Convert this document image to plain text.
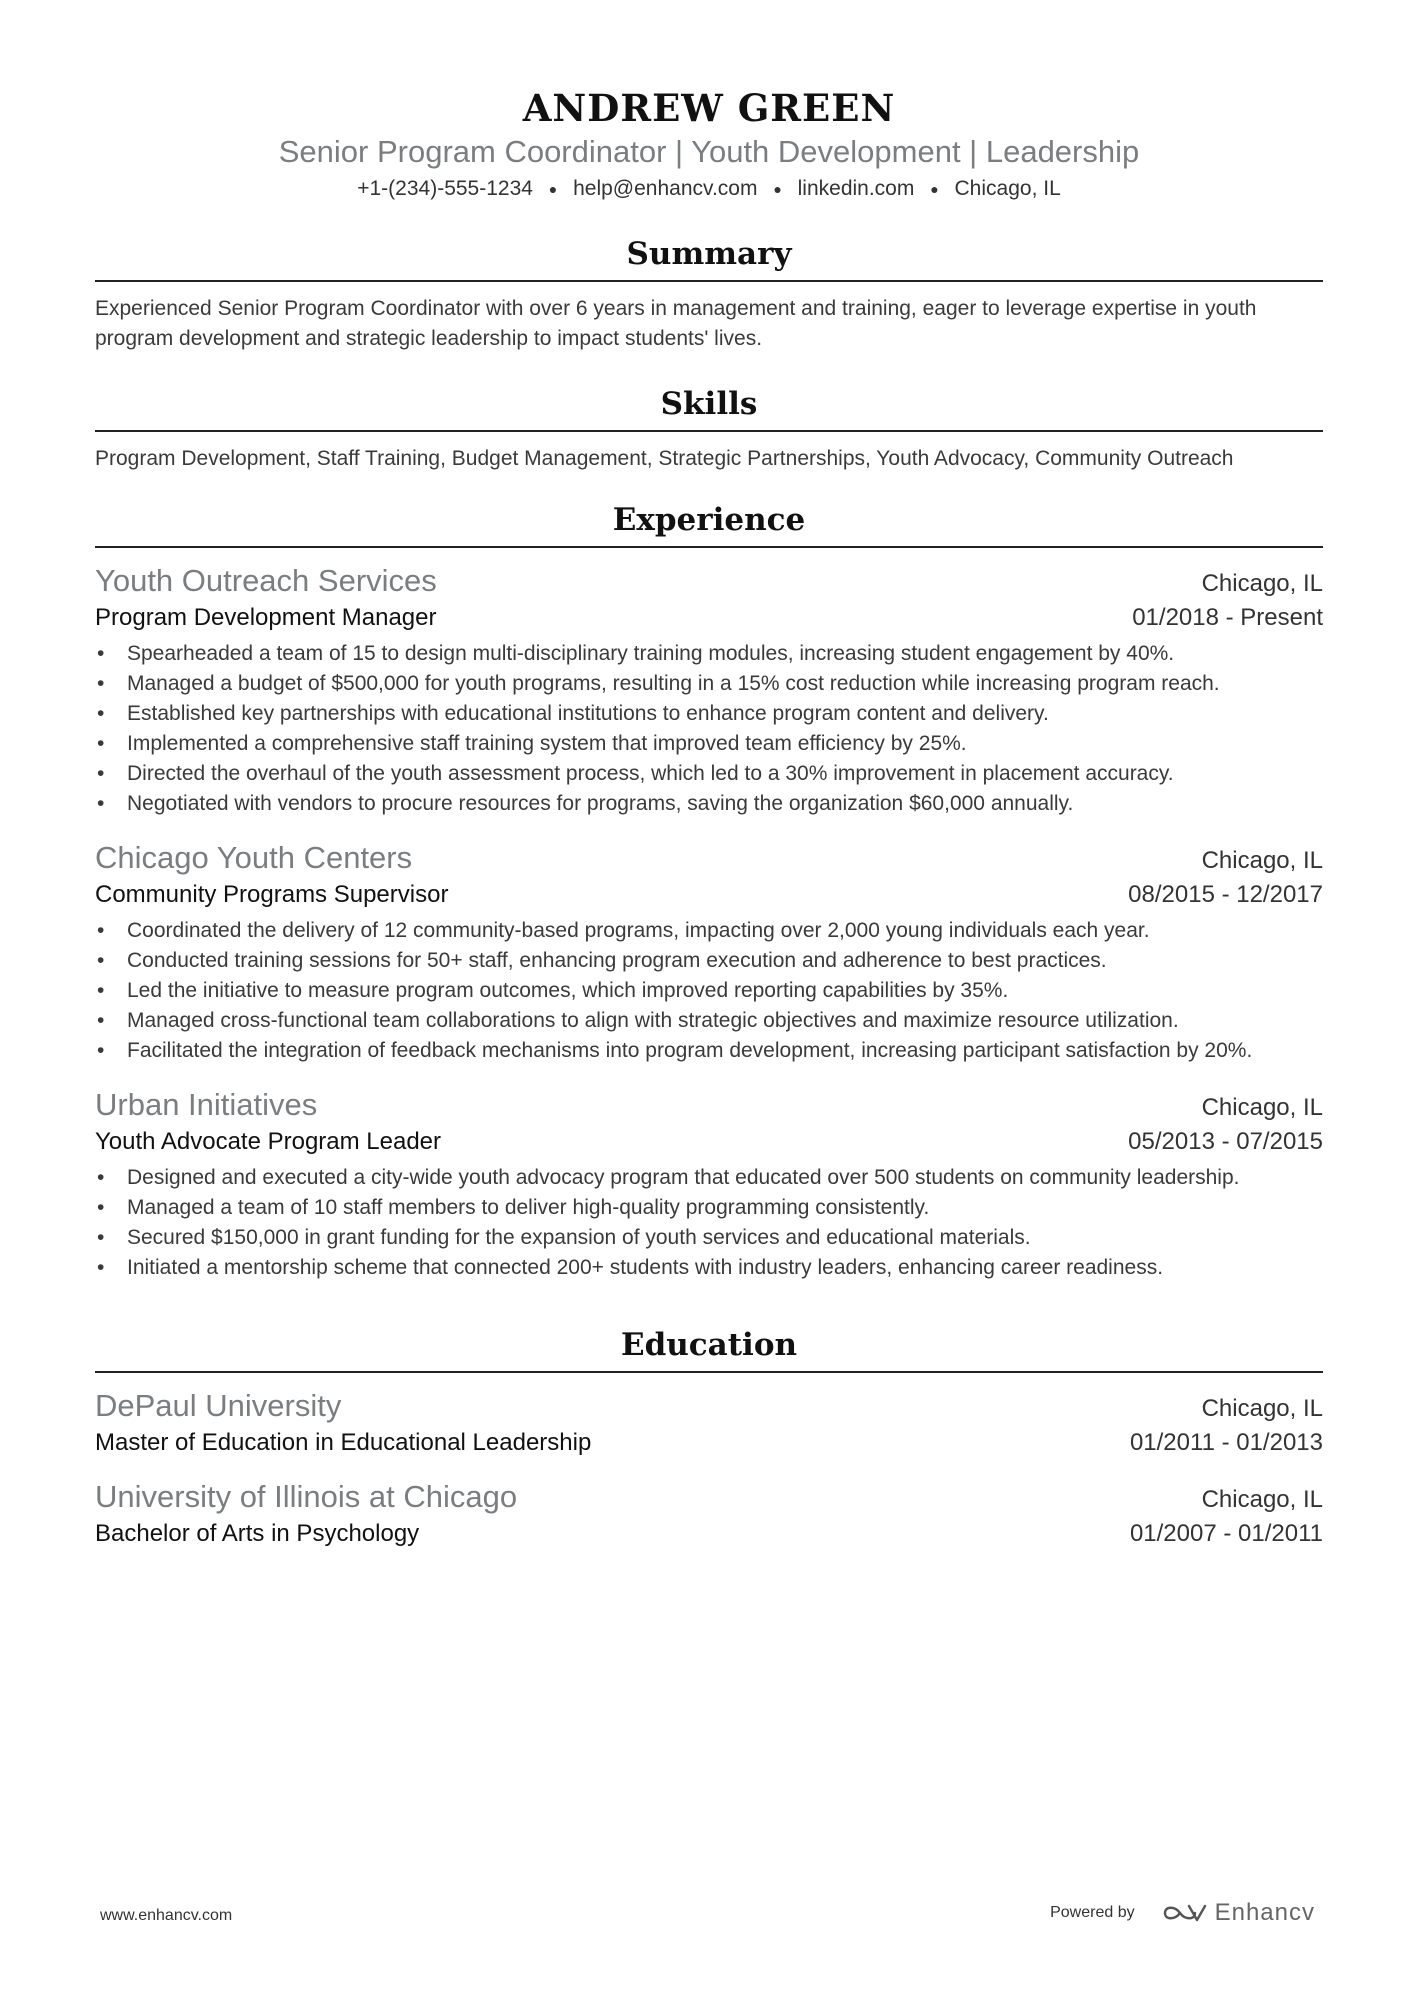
ANDREW GREEN
Senior Program Coordinator | Youth Development | Leadership
+1-(234)-555-1234 ● help@enhancv.com ● linkedin.com ● Chicago, IL
Summary
Experienced Senior Program Coordinator with over 6 years in management and training, eager to leverage expertise in youth program development and strategic leadership to impact students' lives.
Skills
Program Development, Staff Training, Budget Management, Strategic Partnerships, Youth Advocacy, Community Outreach
Experience
Youth Outreach Services	Chicago, IL
Program Development Manager	01/2018 - Present
• Spearheaded a team of 15 to design multi-disciplinary training modules, increasing student engagement by 40%.
• Managed a budget of $500,000 for youth programs, resulting in a 15% cost reduction while increasing program reach.
• Established key partnerships with educational institutions to enhance program content and delivery.
• Implemented a comprehensive staff training system that improved team efficiency by 25%.
• Directed the overhaul of the youth assessment process, which led to a 30% improvement in placement accuracy.
• Negotiated with vendors to procure resources for programs, saving the organization $60,000 annually.
Chicago Youth Centers	Chicago, IL
Community Programs Supervisor	08/2015 - 12/2017
• Coordinated the delivery of 12 community-based programs, impacting over 2,000 young individuals each year.
• Conducted training sessions for 50+ staff, enhancing program execution and adherence to best practices.
• Led the initiative to measure program outcomes, which improved reporting capabilities by 35%.
• Managed cross-functional team collaborations to align with strategic objectives and maximize resource utilization.
• Facilitated the integration of feedback mechanisms into program development, increasing participant satisfaction by 20%.
Urban Initiatives	Chicago, IL
Youth Advocate Program Leader	05/2013 - 07/2015
• Designed and executed a city-wide youth advocacy program that educated over 500 students on community leadership.
• Managed a team of 10 staff members to deliver high-quality programming consistently.
• Secured $150,000 in grant funding for the expansion of youth services and educational materials.
• Initiated a mentorship scheme that connected 200+ students with industry leaders, enhancing career readiness.
Education
DePaul University	Chicago, IL
Master of Education in Educational Leadership	01/2011 - 01/2013
University of Illinois at Chicago	Chicago, IL
Bachelor of Arts in Psychology	01/2007 - 01/2011
www.enhancv.com	Powered by	Enhancv
